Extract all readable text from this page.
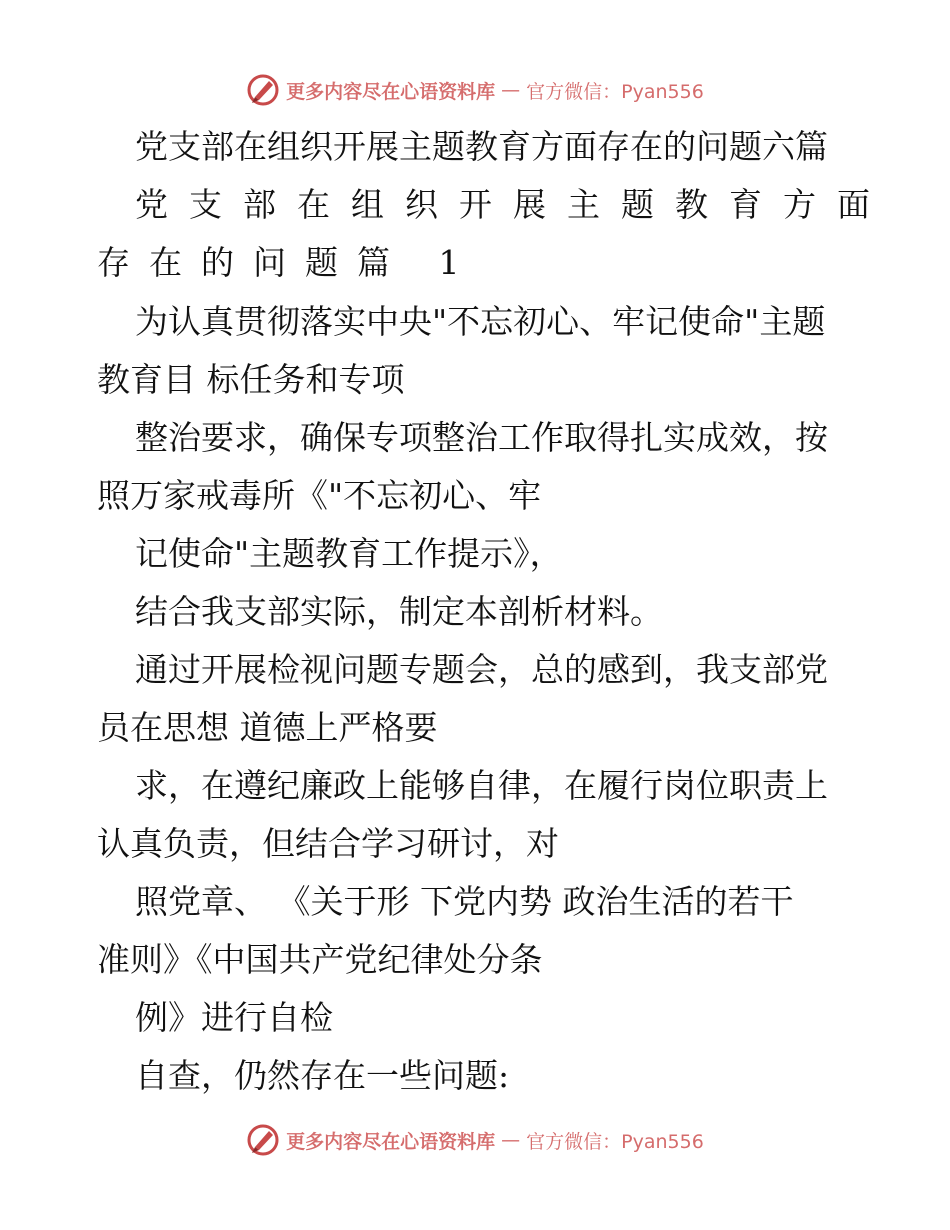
更多内容尽在心语资料库 — 官方微信：Pyan556
党支部在组织开展主题教育方面存在的问题六篇
党支部在组织开展主题教育方面
存在的问题篇 1
为认真贯彻落实中央"不忘初心、牢记使命"主题
教育目 标任务和专项
整治要求，确保专项整治工作取得扎实成效，按
照万家戒毒所《"不忘初心、牢
记使命"主题教育工作提示》，
结合我支部实际，制定本剖析材料。
通过开展检视问题专题会，总的感到，我支部党
员在思想 道德上严格要
求，在遵纪廉政上能够自律，在履行岗位职责上
认真负责，但结合学习研讨，对
照党章、 《关于形 下党内势 政治生活的若干
准则》《中国共产党纪律处分条
例》进行自检
自查，仍然存在一些问题:
更多内容尽在心语资料库 — 官方微信：Pyan556
